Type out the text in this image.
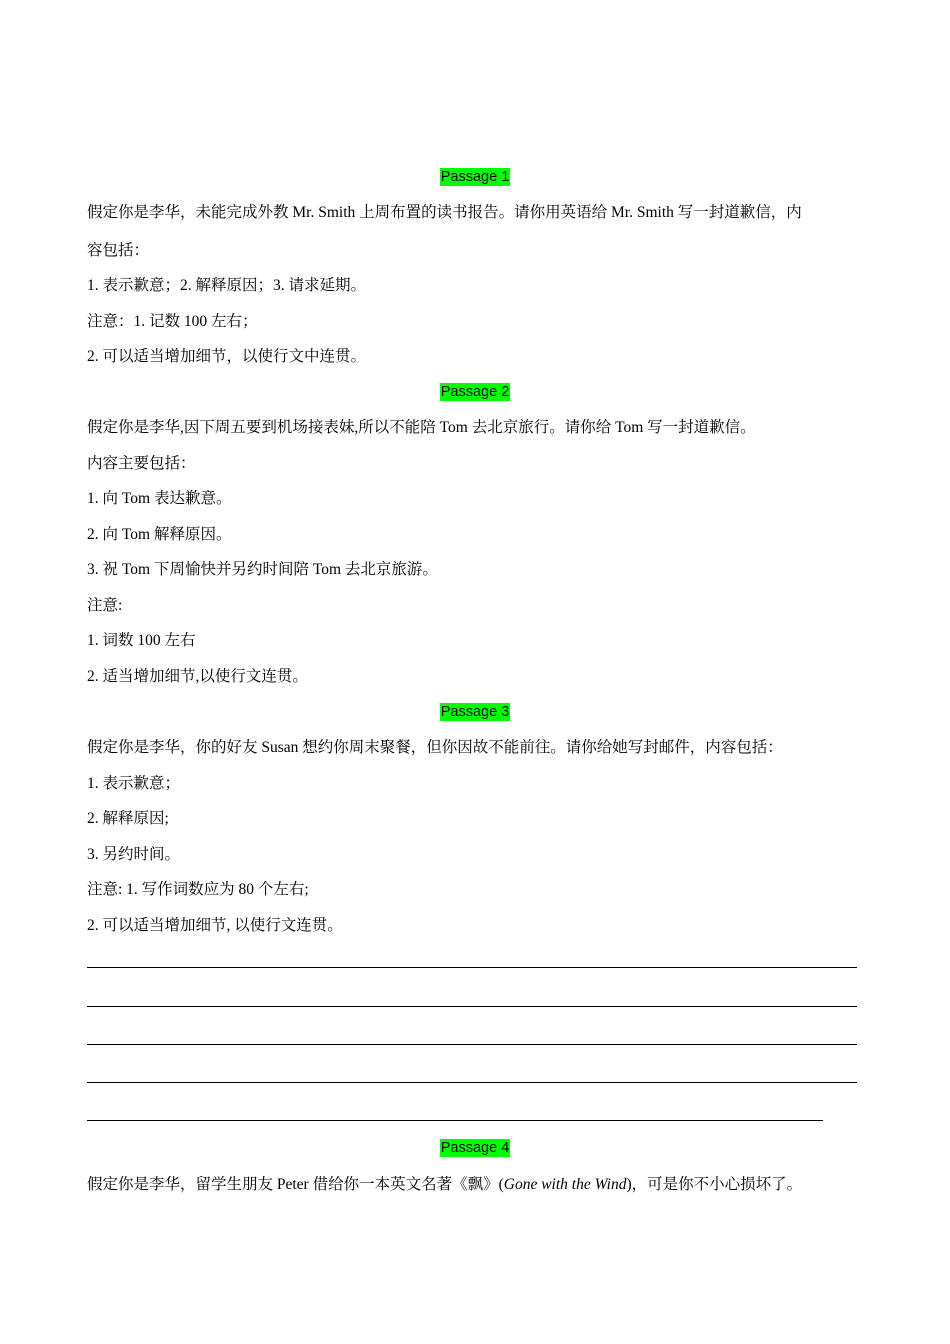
Passage 1
假定你是李华，未能完成外教 Mr. Smith 上周布置的读书报告。请你用英语给 Mr. Smith 写一封道歉信，内
容包括：
1. 表示歉意；2. 解释原因；3. 请求延期。
注意：1. 记数 100 左右；
2. 可以适当增加细节，以使行文中连贯。
Passage 2
假定你是李华,因下周五要到机场接表妹,所以不能陪 Tom 去北京旅行。请你给 Tom 写一封道歉信。
内容主要包括：
1. 向 Tom 表达歉意。
2. 向 Tom 解释原因。
3. 祝 Tom 下周愉快并另约时间陪 Tom 去北京旅游。
注意:
1. 词数 100 左右
2. 适当增加细节,以使行文连贯。
Passage 3
假定你是李华，你的好友 Susan 想约你周末聚餐，但你因故不能前往。请你给她写封邮件，内容包括：
1. 表示歉意；
2. 解释原因;
3. 另约时间。
注意: 1. 写作词数应为 80 个左右;
2. 可以适当增加细节, 以使行文连贯。
Passage 4
假定你是李华，留学生朋友 Peter 借给你一本英文名著《飘》(Gone with the Wind)，可是你不小心损坏了。
